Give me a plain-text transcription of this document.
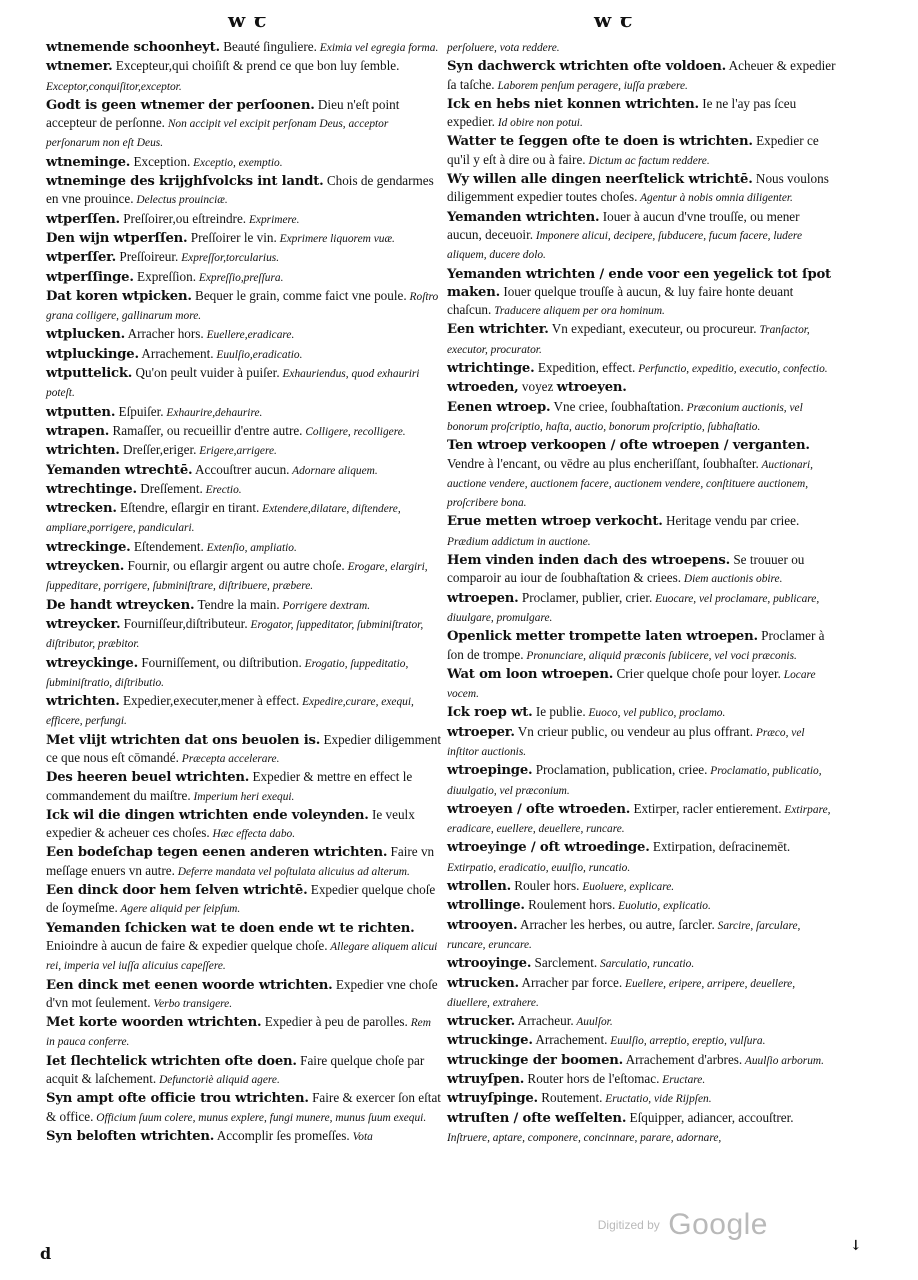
w ꞇ	w ꞇ

wtnemende schoonheyt. Beauté ſinguliere. Eximia vel egregia forma.

wtnemer. Excepteur,qui choiſiſt & prend ce que bon luy ſemble. Exceptor,conquiſitor,exceptor.

Godt is geen wtnemer der perſoonen. Dieu n'eſt point accepteur de perſonne. Non accipit vel excipit perſonam Deus, acceptor perſonarum non eſt Deus.

wtneminge. Exception. Exceptio, exemptio.

wtneminge des krijghſvolcks int landt. Chois de gendarmes en vne prouince. Delectus prouinciæ.

wtperſſen. Preſſoirer,ou eſtreindre. Exprimere.

Den wijn wtperſſen. Preſſoirer le vin. Exprimere liquorem vuæ.

wtperſſer. Preſſoireur. Expreſſor,torcularius.

wtperſſinge. Expreſſion. Expreſſio,preſſura.

Dat koren wtpicken. Bequer le grain, comme faict vne poule. Roſtro grana colligere, gallinarum more.

wtplucken. Arracher hors. Euellere,eradicare.

wtpluckinge. Arrachement. Euulſio,eradicatio.

wtputtelick. Qu'on peult vuider à puiſer. Exhauriendus, quod exhauriri poteſt.

wtputten. Eſpuiſer. Exhaurire,dehaurire.

wtrapen. Ramaſſer, ou recueillir d'entre autre. Colligere, recolligere.

wtrichten. Dreſſer,eriger. Erigere,arrigere.

Yemanden wtrechtē. Accouſtrer aucun. Adornare aliquem.

wtrechtinge. Dreſſement. Erectio.

wtrecken. Eſtendre, eſlargir en tirant. Extendere,dilatare, diſtendere, ampliare,porrigere, pandiculari.

wtreckinge. Eſtendement. Extenſio, ampliatio.

wtreycken. Fournir, ou eſlargir argent ou autre choſe. Erogare, elargiri, ſuppeditare, porrigere, ſubminiſtrare, diſtribuere, præbere.

De handt wtreycken. Tendre la main. Porrigere dextram.

wtreycker. Fourniſſeur,diſtributeur. Erogator, ſuppeditator, ſubminiſtrator, diſtributor, præbitor.

wtreyckinge. Fourniſſement, ou diſtribution. Erogatio, ſuppeditatio, ſubminiſtratio, diſtributio.

wtrichten. Expedier,executer,mener à effect. Expedire,curare, exequi, efficere, perfungi.

Met vlijt wtrichten dat ons beuolen is. Expedier diligemment ce que nous eſt cōmandé. Præcepta accelerare.

Des heeren beuel wtrichten. Expedier & mettre en effect le commandement du maiſtre. Imperium heri exequi.

Ick wil die dingen wtrichten ende voleynden. Ie veulx expedier & acheuer ces choſes. Hæc effecta dabo.

Een bodeſchap tegen eenen anderen wtrichten. Faire vn meſſage enuers vn autre. Deferre mandata vel poſtulata alicuius ad alterum.

Een dinck door hem ſelven wtrichtē. Expedier quelque choſe de ſoymeſme. Agere aliquid per ſeipſum.

Yemanden ſchicken wat te doen ende wt te richten. Enioindre à aucun de faire & expedier quelque choſe. Allegare aliquem alicui rei, imperia vel iuſſa alicuius capeſſere.

Een dinck met eenen woorde wtrichten. Expedier vne choſe d'vn mot ſeulement. Verbo transigere.

Met korte woorden wtrichten. Expedier à peu de parolles. Rem in pauca conferre.

Iet ſlechtelick wtrichten ofte doen. Faire quelque choſe par acquit & laſchement. Defunctoriè aliquid agere.

Syn ampt ofte officie trou wtrichten. Faire & exercer ſon eſtat & office. Officium ſuum colere, munus explere, fungi munere, munus ſuum exequi.

Syn beloften wtrichten. Accomplir ſes promeſſes. Vota

perſoluere, vota reddere.

Syn dachwerck wtrichten ofte voldoen. Acheuer & expedier ſa taſche. Laborem penſum peragere, iuſſa præbere.

Ick en hebs niet konnen wtrichten. Ie ne l'ay pas ſceu expedier. Id obire non potui.

Watter te ſeggen ofte te doen is wtrichten. Expedier ce qu'il y eſt à dire ou à faire. Dictum ac factum reddere.

Wy willen alle dingen neerſtelick wtrichtē. Nous voulons diligemment expedier toutes choſes. Agentur à nobis omnia diligenter.

Yemanden wtrichten. Iouer à aucun d'vne trouſſe, ou mener aucun, deceuoir. Imponere alicui, decipere, ſubducere, fucum facere, ludere aliquem, ducere dolo.

Yemanden wtrichten / ende voor een yegelick tot ſpot maken. Iouer quelque trouſſe à aucun, & luy faire honte deuant chaſcun. Traducere aliquem per ora hominum.

Een wtrichter. Vn expediant, executeur, ou procureur. Tranſactor, executor, procurator.

wtrichtinge. Expedition, effect. Perfunctio, expeditio, executio, confectio.

wtroeden, voyez wtroeyen.

Eenen wtroep. Vne criee, ſoubhaſtation. Præconium auctionis, vel bonorum proſcriptio, haſta, auctio, bonorum proſcriptio, ſubhaſtatio.

Ten wtroep verkoopen / ofte wtroepen / verganten. Vendre à l'encant, ou vēdre au plus encheriſſant, ſoubhaſter. Auctionari, auctione vendere, auctionem facere, auctionem vendere, conſtituere auctionem, proſcribere bona.

Erue metten wtroep verkocht. Heritage vendu par criee. Prædium addictum in auctione.

Hem vinden inden dach des wtroepens. Se trouuer ou comparoir au iour de ſoubhaſtation & criees. Diem auctionis obire.

wtroepen. Proclamer, publier, crier. Euocare, vel proclamare, publicare, diuulgare, promulgare.

Openlick metter trompette laten wtroepen. Proclamer à ſon de trompe. Pronunciare, aliquid præconis ſubiicere, vel voci præconis.

Wat om loon wtroepen. Crier quelque choſe pour loyer. Locare vocem.

Ick roep wt. Ie publie. Euoco, vel publico, proclamo.

wtroeper. Vn crieur public, ou vendeur au plus offrant. Præco, vel inſtitor auctionis.

wtroepinge. Proclamation, publication, criee. Proclamatio, publicatio, diuulgatio, vel præconium.

wtroeyen / ofte wtroeden. Extirper, racler entierement. Extirpare, eradicare, euellere, deuellere, runcare.

wtroeyinge / oft wtroedinge. Extirpation, deſracinemēt. Extirpatio, eradicatio, euulſio, runcatio.

wtrollen. Rouler hors. Euoluere, explicare.

wtrollinge. Roulement hors. Euolutio, explicatio.

wtrooyen. Arracher les herbes, ou autre, ſarcler. Sarcire, ſarculare, runcare, eruncare.

wtrooyinge. Sarclement. Sarculatio, runcatio.

wtrucken. Arracher par force. Euellere, eripere, arripere, deuellere, diuellere, extrahere.

wtrucker. Arracheur. Auulſor.

wtruckinge. Arrachement. Euulſio, arreptio, ereptio, vulſura.

wtruckinge der boomen. Arrachement d'arbres. Auulſio arborum.

wtruyſpen. Router hors de l'eſtomac. Eructare.

wtruyſpinge. Routement. Eructatio, vide Rijpſen.

wtruſten / ofte weſſelten. Eſquipper, adiancer, accouſtrer. Inſtruere, aptare, componere, concinnare, parare, adornare,

d	↓
Digitized by Google
